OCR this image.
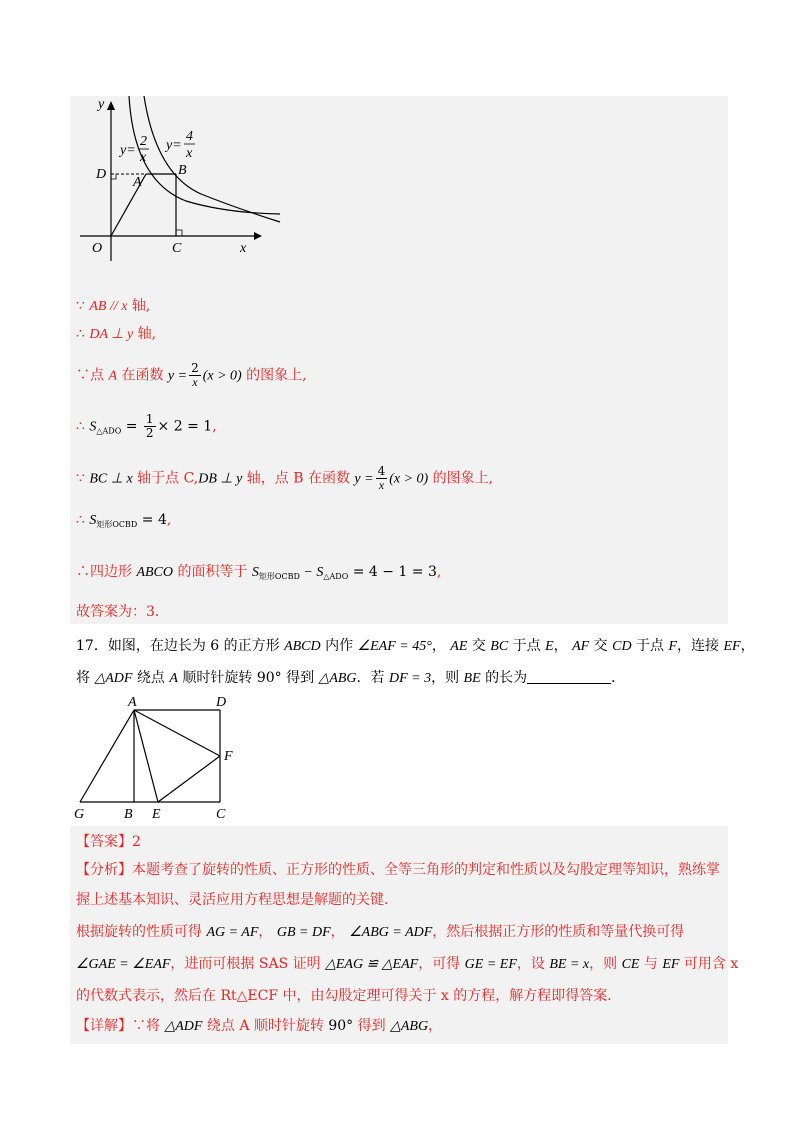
y
x
O	C
D
A
B
y=
2
x
y=
4
x
∵ AB // x 轴,
∴ DA ⊥ y 轴,
∵点 A 在函数 $y = \frac{2}{x} (x > 0)$ 的图象上,
∴ $S_{\triangle ADO} = \frac{1}{2} \times 2 = 1$,
∵ BC ⊥ x 轴于点 C,DB ⊥ y 轴，点 B 在函数 $y = \frac{4}{x} (x > 0)$ 的图象上,
∴ $S_{矩形OCBD} = 4$,
∴四边形 ABCO 的面积等于 $S_{矩形OCBD} - S_{\triangle ADO} = 4 - 1 = 3$,
故答案为：3．
17．如图，在边长为 6 的正方形 ABCD 内作 ∠EAF = 45°， AE 交 BC 于点 E， AF 交 CD 于点 F，连接 EF，
将 △ADF 绕点 A 顺时针旋转 90° 得到 △ABG．若 DF = 3，则 BE 的长为	．
A	D
F
G	B E	C
【答案】2
【分析】本题考查了旋转的性质、正方形的性质、全等三角形的判定和性质以及勾股定理等知识，熟练掌
握上述基本知识、灵活应用方程思想是解题的关键．
根据旋转的性质可得 AG = AF， GB = DF， ∠ABG = ADF，然后根据正方形的性质和等量代换可得
∠GAE = ∠EAF，进而可根据 SAS 证明 △EAG ≌ △EAF，可得 GE = EF，设 BE = x，则 CE 与 EF 可用含 x
的代数式表示，然后在 Rt△ECF 中，由勾股定理可得关于 x 的方程，解方程即得答案．
【详解】∵将 △ADF 绕点 A 顺时针旋转 90° 得到 △ABG，
